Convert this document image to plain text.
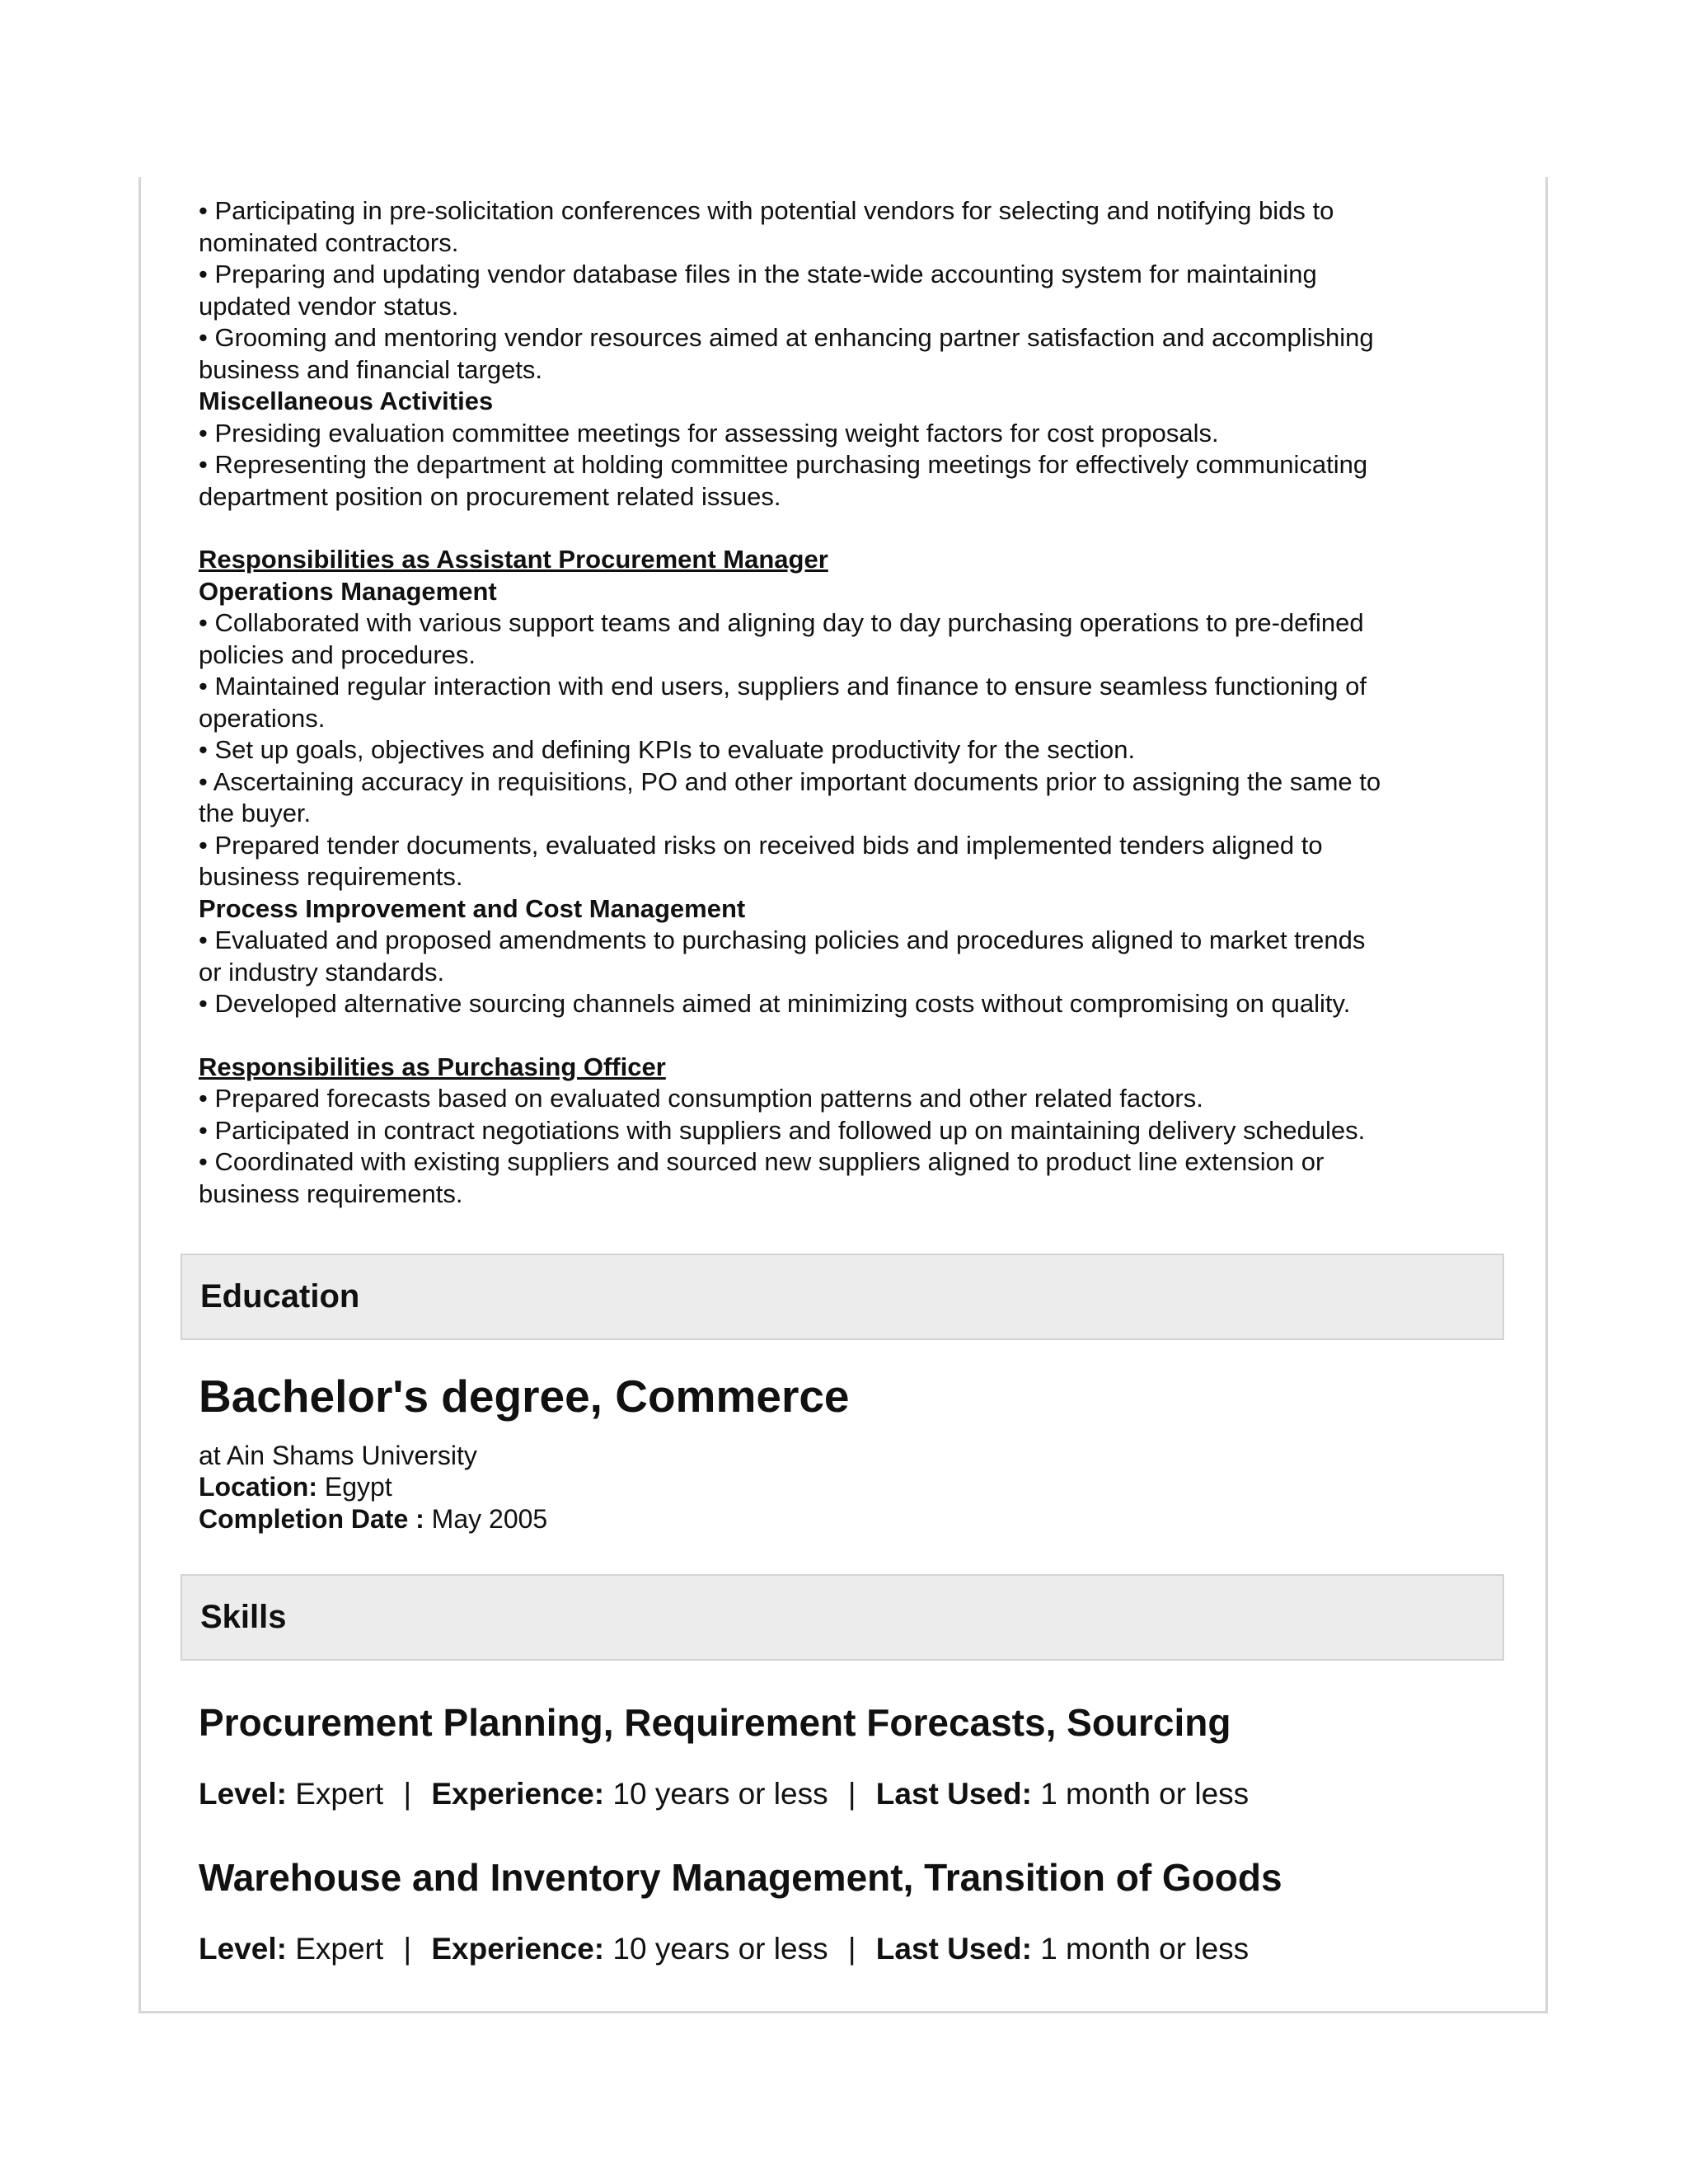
• Participating in pre-solicitation conferences with potential vendors for selecting and notifying bids to
nominated contractors.
• Preparing and updating vendor database files in the state-wide accounting system for maintaining
updated vendor status.
• Grooming and mentoring vendor resources aimed at enhancing partner satisfaction and accomplishing
business and financial targets.
Miscellaneous Activities
• Presiding evaluation committee meetings for assessing weight factors for cost proposals.
• Representing the department at holding committee purchasing meetings for effectively communicating
department position on procurement related issues.
Responsibilities as Assistant Procurement Manager
Operations Management
• Collaborated with various support teams and aligning day to day purchasing operations to pre-defined
policies and procedures.
• Maintained regular interaction with end users, suppliers and finance to ensure seamless functioning of
operations.
• Set up goals, objectives and defining KPIs to evaluate productivity for the section.
• Ascertaining accuracy in requisitions, PO and other important documents prior to assigning the same to
the buyer.
• Prepared tender documents, evaluated risks on received bids and implemented tenders aligned to
business requirements.
Process Improvement and Cost Management
• Evaluated and proposed amendments to purchasing policies and procedures aligned to market trends
or industry standards.
• Developed alternative sourcing channels aimed at minimizing costs without compromising on quality.
Responsibilities as Purchasing Officer
• Prepared forecasts based on evaluated consumption patterns and other related factors.
• Participated in contract negotiations with suppliers and followed up on maintaining delivery schedules.
• Coordinated with existing suppliers and sourced new suppliers aligned to product line extension or
business requirements.
Education
Bachelor's degree, Commerce
at Ain Shams University
Location: Egypt
Completion Date : May 2005
Skills
Procurement Planning, Requirement Forecasts, Sourcing
Level: Expert | Experience: 10 years or less | Last Used: 1 month or less
Warehouse and Inventory Management, Transition of Goods
Level: Expert | Experience: 10 years or less | Last Used: 1 month or less
